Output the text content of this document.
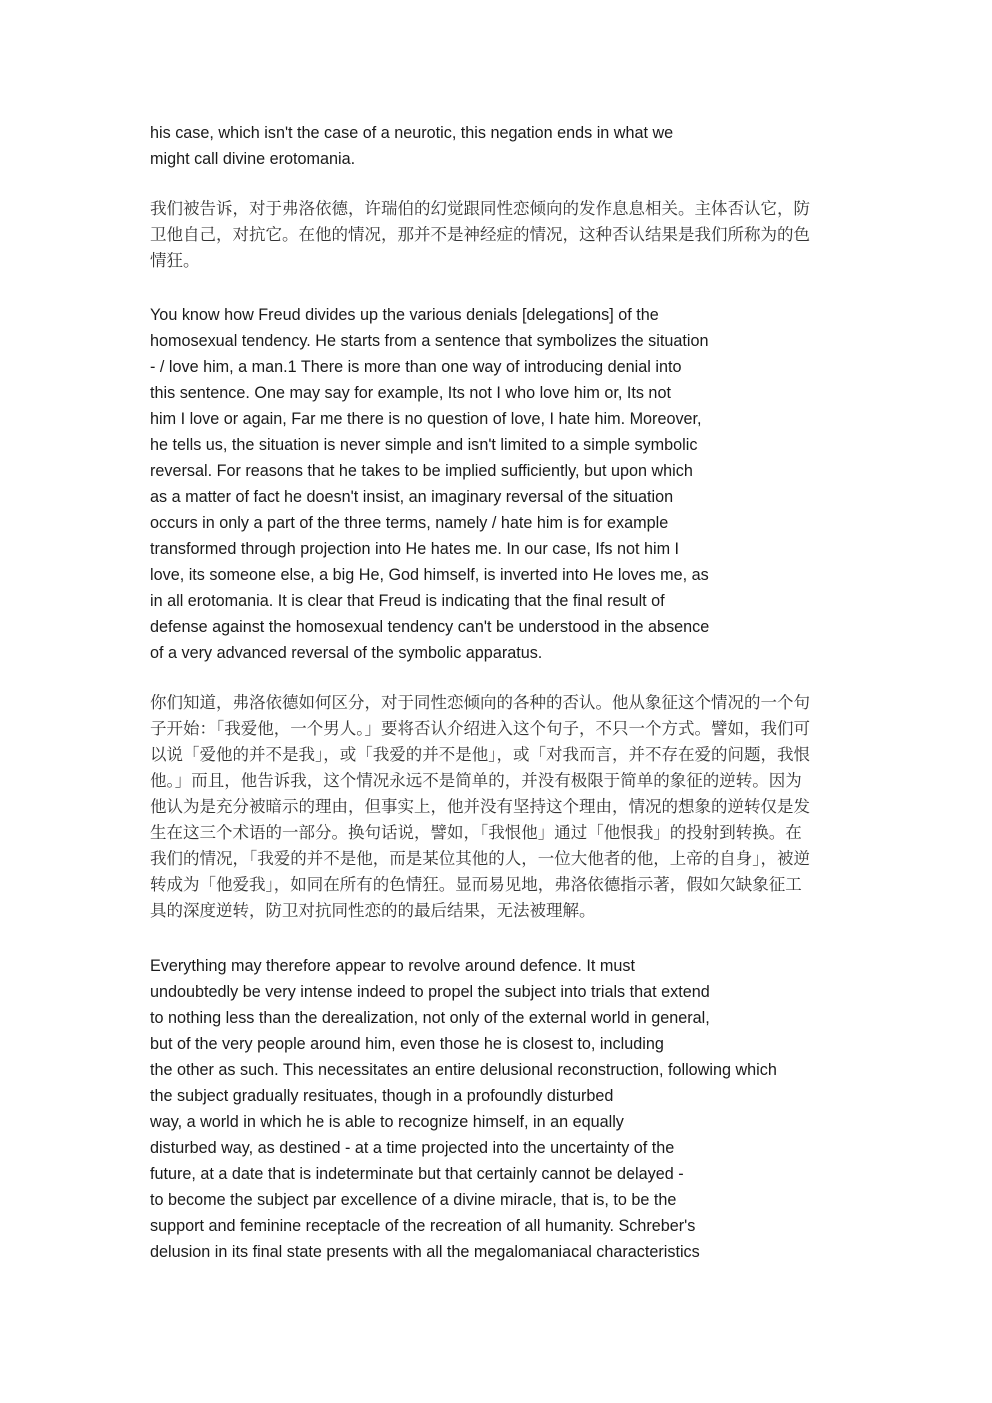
his case, which isn't the case of a neurotic, this negation ends in what we
might call divine erotomania.
我们被告诉，对于弗洛依德，许瑞伯的幻觉跟同性恋倾向的发作息息相关。主体否认它，防
卫他自己，对抗它。在他的情况，那并不是神经症的情况，这种否认结果是我们所称为的色
情狂。
You know how Freud divides up the various denials [delegations] of the
homosexual tendency. He starts from a sentence that symbolizes the situation
- / love him, a man.1 There is more than one way of introducing denial into
this sentence. One may say for example, Its not I who love him or, Its not
him I love or again, Far me there is no question of love, I hate him. Moreover,
he tells us, the situation is never simple and isn't limited to a simple symbolic
reversal. For reasons that he takes to be implied sufficiently, but upon which
as a matter of fact he doesn't insist, an imaginary reversal of the situation
occurs in only a part of the three terms, namely / hate him is for example
transformed through projection into He hates me. In our case, Ifs not him I
love, its someone else, a big He, God himself, is inverted into He loves me, as
in all erotomania. It is clear that Freud is indicating that the final result of
defense against the homosexual tendency can't be understood in the absence
of a very advanced reversal of the symbolic apparatus.
你们知道，弗洛依德如何区分，对于同性恋倾向的各种的否认。他从象征这个情况的一个句
子开始：「我爱他，一个男人。」要将否认介绍进入这个句子，不只一个方式。譬如，我们可
以说「爱他的并不是我」，或「我爱的并不是他」，或「对我而言，并不存在爱的问题，我恨
他。」而且，他告诉我，这个情况永远不是简单的，并没有极限于简单的象征的逆转。因为
他认为是充分被暗示的理由，但事实上，他并没有坚持这个理由，情况的想象的逆转仅是发
生在这三个术语的一部分。换句话说，譬如，「我恨他」通过「他恨我」的投射到转换。在
我们的情况，「我爱的并不是他，而是某位其他的人，一位大他者的他，上帝的自身」，被逆
转成为「他爱我」，如同在所有的色情狂。显而易见地，弗洛依德指示著，假如欠缺象征工
具的深度逆转，防卫对抗同性恋的的最后结果，无法被理解。
Everything may therefore appear to revolve around defence. It must
undoubtedly be very intense indeed to propel the subject into trials that extend
to nothing less than the derealization, not only of the external world in general,
but of the very people around him, even those he is closest to, including
the other as such. This necessitates an entire delusional reconstruction, following which
the subject gradually resituates, though in a profoundly disturbed
way, a world in which he is able to recognize himself, in an equally
disturbed way, as destined - at a time projected into the uncertainty of the
future, at a date that is indeterminate but that certainly cannot be delayed -
to become the subject par excellence of a divine miracle, that is, to be the
support and feminine receptacle of the recreation of all humanity. Schreber's
delusion in its final state presents with all the megalomaniacal characteristics
